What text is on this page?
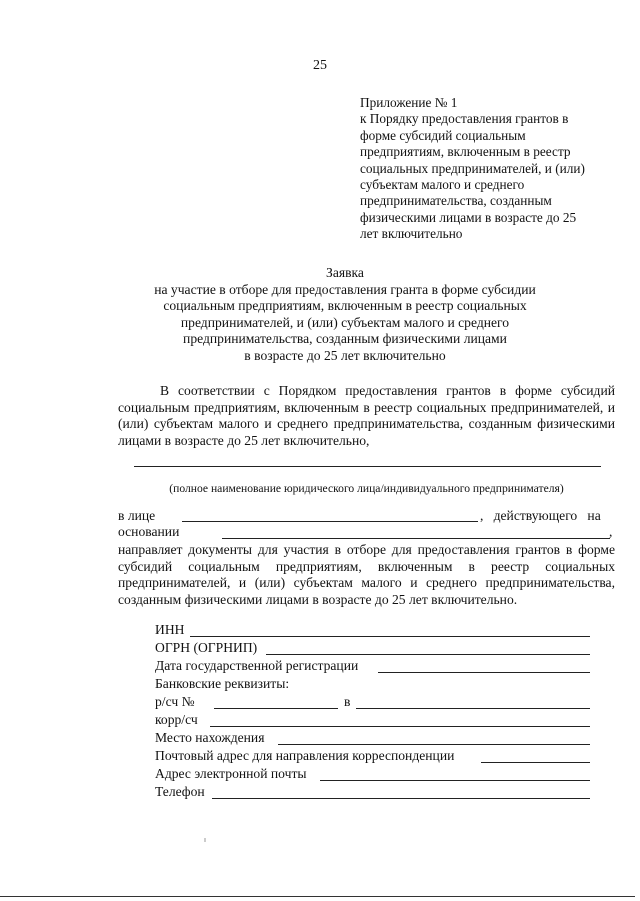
25
Приложение № 1
к Порядку предоставления грантов в
форме субсидий социальным
предприятиям, включенным в реестр
социальных предпринимателей, и (или)
субъектам малого и среднего
предпринимательства, созданным
физическими лицами в возрасте до 25
лет включительно
Заявка
на участие в отборе для предоставления гранта в форме субсидии
социальным предприятиям, включенным в реестр социальных
предпринимателей, и (или) субъектам малого и среднего
предпринимательства, созданным физическими лицами
в возрасте до 25 лет включительно
В соответствии с Порядком предоставления грантов в форме субсидий социальным предприятиям, включенным в реестр социальных предпринимателей, и (или) субъектам малого и среднего предпринимательства, созданным физическими лицами в возрасте до 25 лет включительно,
(полное наименование юридического лица/индивидуального предпринимателя)
в лице	,   действующего   на
основании	,
направляет документы для участия в отборе для предоставления грантов в форме субсидий социальным предприятиям, включенным в реестр социальных предпринимателей, и (или) субъектам малого и среднего предпринимательства, созданным физическими лицами в возрасте до 25 лет включительно.
ИНН
ОГРН (ОГРНИП)
Дата государственной регистрации
Банковские реквизиты:
р/сч №	в
корр/сч
Место нахождения
Почтовый адрес для направления корреспонденции
Адрес электронной почты
Телефон
